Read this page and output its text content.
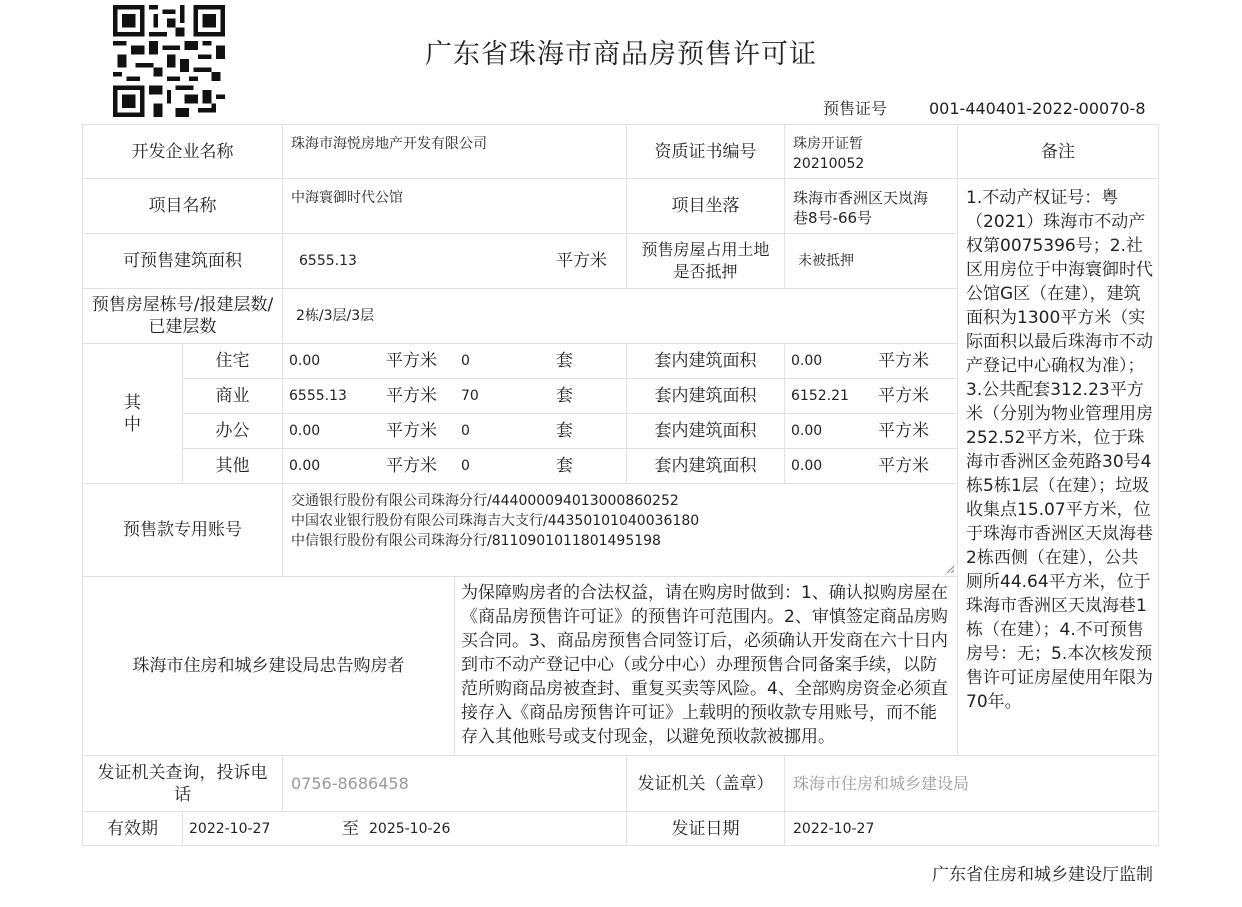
广东省珠海市商品房预售许可证
预售证号	001-440401-2022-00070-8
开发企业名称	珠海市海悦房地产开发有限公司	资质证书编号	珠房开证暂
20210052
备注
1.不动产权证号：粤（2021）珠海市不动产权第0075396号；2.社区用房位于中海寰御时代公馆G区（在建），建筑面积为1300平方米（实际面积以最后珠海市不动产登记中心确权为准）；3.公共配套312.23平方米（分别为物业管理用房252.52平方米，位于珠海市香洲区金苑路30号4栋5栋1层（在建）；垃圾收集点15.07平方米，位于珠海市香洲区天岚海巷2栋西侧（在建），公共厕所44.64平方米，位于珠海市香洲区天岚海巷1栋（在建）；4.不可预售房号：无；5.本次核发预售许可证房屋使用年限为70年。
项目名称	中海寰御时代公馆	项目坐落	珠海市香洲区天岚海
巷8号-66号
可预售建筑面积	6555.13	平方米
预售房屋占用土地
是否抵押
未被抵押
预售房屋栋号/报建层数/
已建层数
2栋/3层/3层
其
中
住宅	0.00	平方米 0	套	套内建筑面积	0.00	平方米
商业	6555.13 平方米 70	套	套内建筑面积	6152.21 平方米
办公	0.00	平方米 0	套	套内建筑面积	0.00	平方米
其他	0.00	平方米 0	套	套内建筑面积	0.00	平方米
预售款专用账号
交通银行股份有限公司珠海分行/444000094013000860252
中国农业银行股份有限公司珠海吉大支行/44350101040036180
中信银行股份有限公司珠海分行/8110901011801495198
珠海市住房和城乡建设局忠告购房者
为保障购房者的合法权益，请在购房时做到：1、确认拟购房屋在《商品房预售许可证》的预售许可范围内。2、审慎签定商品房购买合同。3、商品房预售合同签订后，必须确认开发商在六十日内到市不动产登记中心（或分中心）办理预售合同备案手续，以防范所购商品房被查封、重复买卖等风险。4、全部购房资金必须直接存入《商品房预售许可证》上载明的预收款专用账号，而不能存入其他账号或支付现金，以避免预收款被挪用。
发证机关查询，投诉电
话
0756-8686458	发证机关（盖章）	珠海市住房和城乡建设局
有效期	2022-10-27	至 2025-10-26	发证日期	2022-10-27
广东省住房和城乡建设厅监制
